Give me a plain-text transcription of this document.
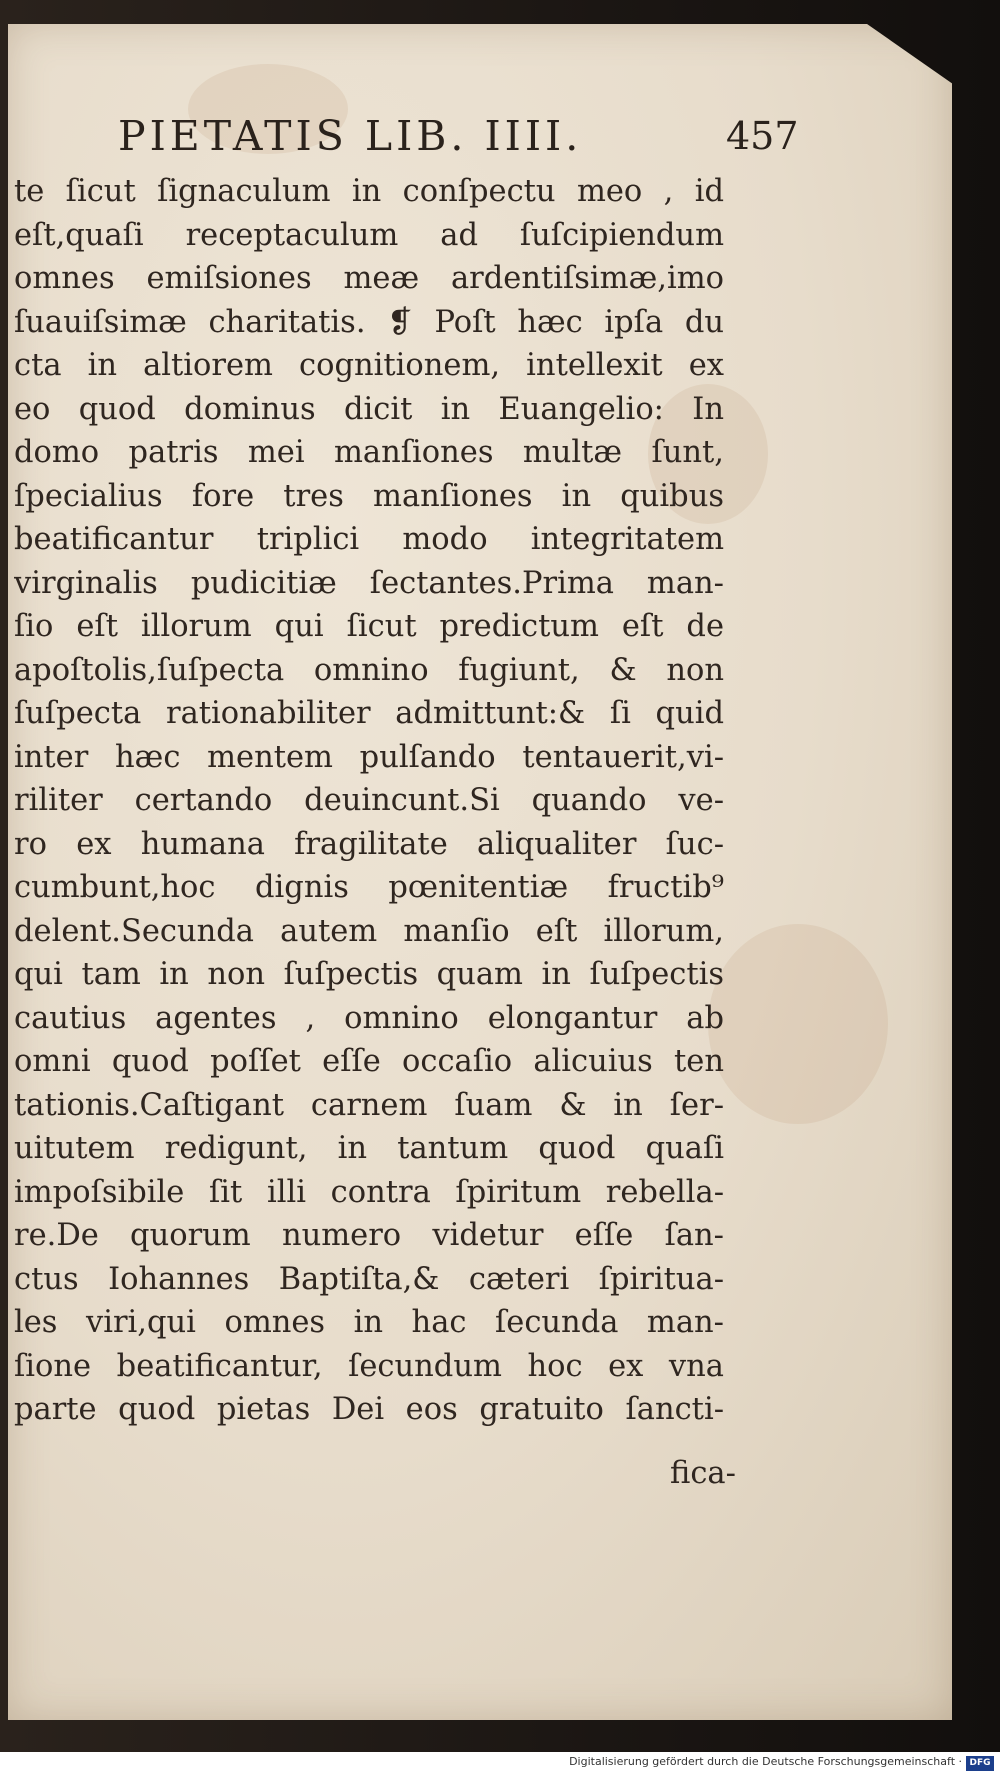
PIETATIS LIB. IIII.	457
te ſicut ſignaculum in conſpectu meo , id
eſt,quaſi receptaculum ad ſuſcipiendum
omnes emiſsiones meæ ardentiſsimæ,imo
ſuauiſsimæ charitatis. ❡ Poſt hæc ipſa du
cta in altiorem cognitionem, intellexit ex
eo quod dominus dicit in Euangelio: In
domo patris mei manſiones multæ ſunt,
ſpecialius fore tres manſiones in quibus
beatificantur triplici modo integritatem
virginalis pudicitiæ ſectantes.Prima man-
ſio eſt illorum qui ſicut predictum eſt de
apoſtolis,ſuſpecta omnino fugiunt, & non
ſuſpecta rationabiliter admittunt:& ſi quid
inter hæc mentem pulſando tentauerit,vi-
riliter certando deuincunt.Si quando ve-
ro ex humana fragilitate aliqualiter ſuc-
cumbunt,hoc dignis pœnitentiæ fructib⁹
delent.Secunda autem manſio eſt illorum,
qui tam in non ſuſpectis quam in ſuſpectis
cautius agentes , omnino elongantur ab
omni quod poſſet eſſe occaſio alicuius ten
tationis.Caſtigant carnem ſuam & in ſer-
uitutem redigunt, in tantum quod quaſi
impoſsibile ſit illi contra ſpiritum rebella-
re.De quorum numero videtur eſſe ſan-
ctus Iohannes Baptiſta,& cæteri ſpiritua-
les viri,qui omnes in hac ſecunda man-
ſione beatificantur, ſecundum hoc ex vna
parte quod pietas Dei eos gratuito ſancti-
fica-
Digitalisierung gefördert durch die Deutsche Forschungsgemeinschaft · DFG
